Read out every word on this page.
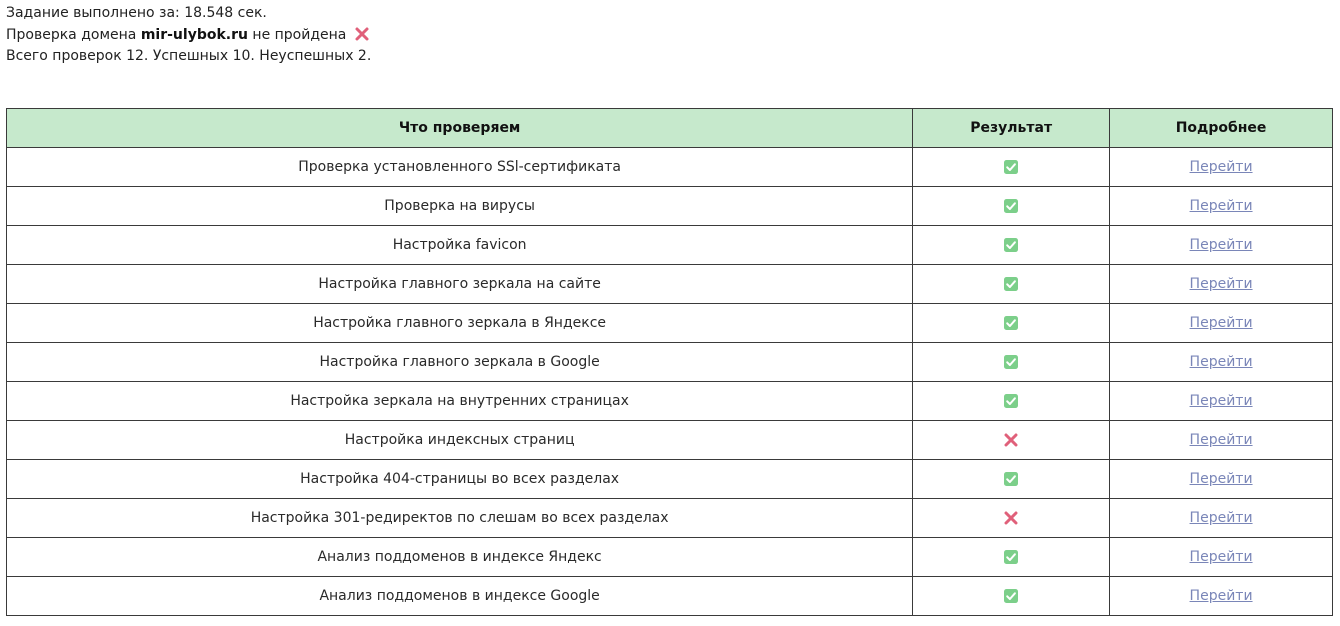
Задание выполнено за: 18.548 сек.
Проверка домена mir-ulybok.ru не пройдена
Всего проверок 12. Успешных 10. Неуспешных 2.
Что проверяем	Результат	Подробнее
Проверка установленного SSl-сертификата		Перейти
Проверка на вирусы		Перейти
Настройка favicon		Перейти
Настройка главного зеркала на сайте		Перейти
Настройка главного зеркала в Яндексе		Перейти
Настройка главного зеркала в Google		Перейти
Настройка зеркала на внутренних страницах		Перейти
Настройка индексных страниц		Перейти
Настройка 404-страницы во всех разделах		Перейти
Настройка 301-редиректов по слешам во всех разделах		Перейти
Анализ поддоменов в индексе Яндекс		Перейти
Анализ поддоменов в индексе Google		Перейти
